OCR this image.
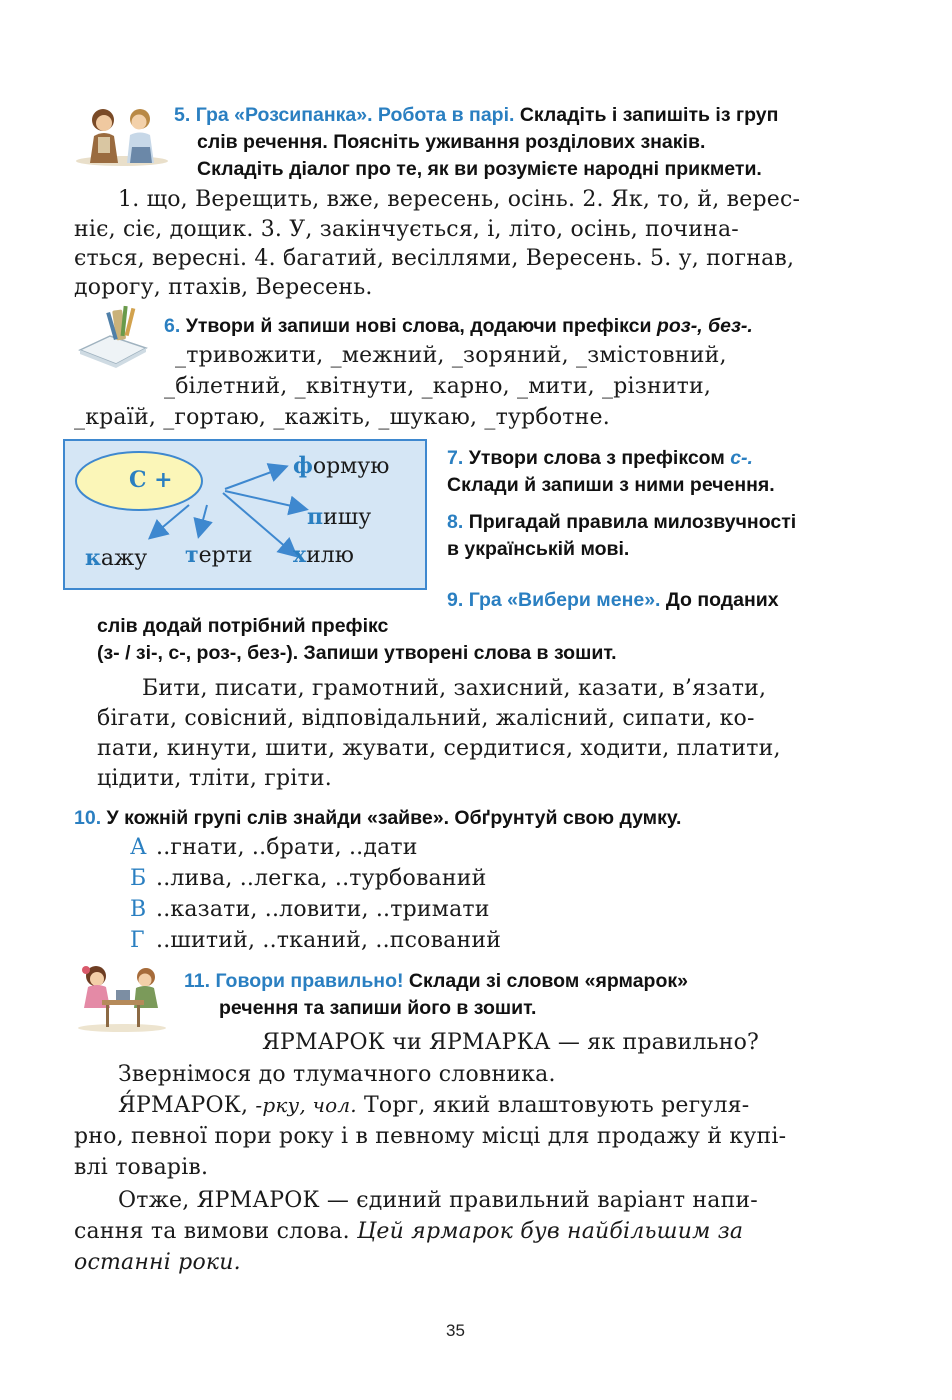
5. Гра «Розсипанка». Робота в парі. Складіть і запишіть із груп
слів речення. Поясніть уживання розділових знаків.
Складіть діалог про те, як ви розумієте народні прикмети.
1. що, Верещить, вже, вересень, осінь. 2. Як, то, й, верес-
ніє, сіє, дощик. 3. У, закінчується, і, літо, осінь, почина-
ється, вересні. 4. багатий, весіллями, Вересень. 5. у, погнав,
дорогу, птахів, Вересень.
6. Утвори й запиши нові слова, додаючи префікси роз-, без-.
_тривожити, _межний, _зоряний, _змістовний,
_білетний, _квітнути, _карно, _мити, _різнити,
_країй, _гортаю, _кажіть, _шукаю, _турботне.
С +
формую
пишу
кажу терти хилю
7. Утвори слова з префіксом с-.
Склади й запиши з ними речення.
8. Пригадай правила милозвучності
в українській мові.
9. Гра «Вибери мене». До поданих
слів додай потрібний префікс
(з- / зі-, с-, роз-, без-). Запиши утворені слова в зошит.
Бити, писати, грамотний, захисний, казати, в’язати,
бігати, совісний, відповідальний, жалісний, сипати, ко-
пати, кинути, шити, жувати, сердитися, ходити, платити,
цідити, тліти, гріти.
10. У кожній групі слів знайди «зайве». Обґрунтуй свою думку.
А ..гнати, ..брати, ..дати
Б ..лива, ..легка, ..турбований
В ..казати, ..ловити, ..тримати
Г ..шитий, ..тканий, ..псований
11. Говори правильно! Склади зі словом «ярмарок»
речення та запиши його в зошит.
ЯРМАРОК чи ЯРМАРКА — як правильно?
Звернімося до тлумачного словника.
Я́РМАРОК, -рку, чол. Торг, який влаштовують регуля-
рно, певної пори року і в певному місці для продажу й купі-
влі товарів.
Отже, ЯРМАРОК — єдиний правильний варіант напи-
сання та вимови слова. Цей ярмарок був найбільшим за
останні роки.
35
